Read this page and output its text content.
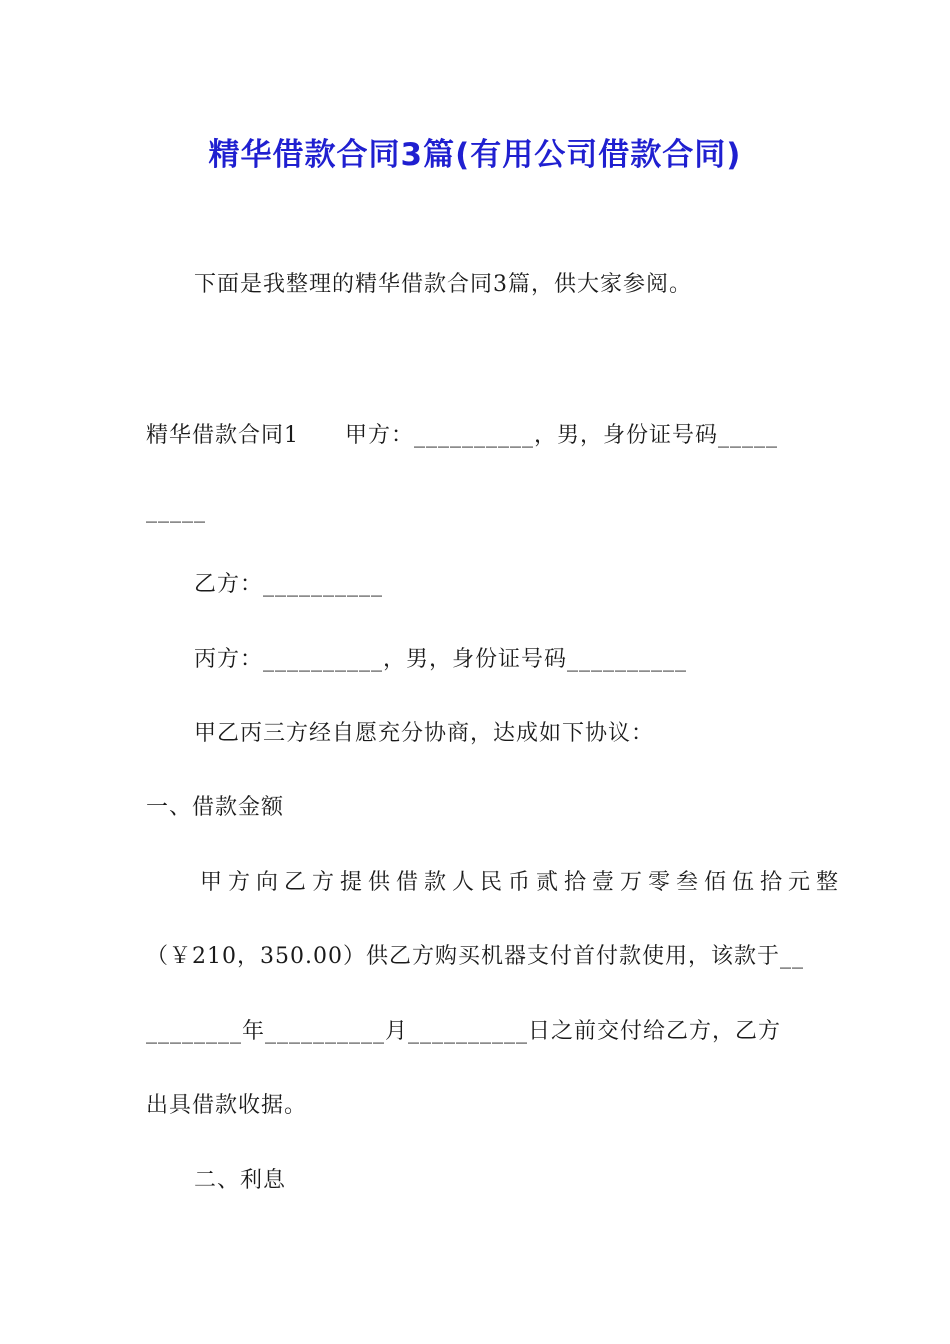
精华借款合同3篇(有用公司借款合同)
下面是我整理的精华借款合同3篇，供大家参阅。
精华借款合同1　　甲方：__________，男，身份证号码_____
_____
乙方：__________
丙方：__________，男，身份证号码__________
甲乙丙三方经自愿充分协商，达成如下协议：
一、借款金额
甲方向乙方提供借款人民币贰拾壹万零叁佰伍拾元整
（￥210，350.00）供乙方购买机器支付首付款使用，该款于__
________年__________月__________日之前交付给乙方，乙方
出具借款收据。
二、利息
